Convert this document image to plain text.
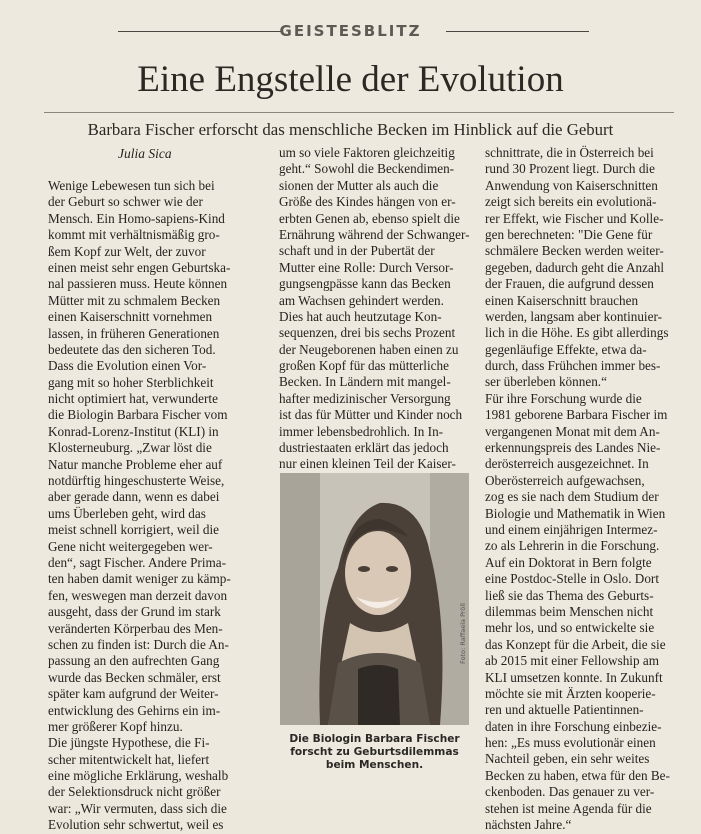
GEISTESBLITZ
Eine Engstelle der Evolution
Barbara Fischer erforscht das menschliche Becken im Hinblick auf die Geburt
Julia Sica
Wenige Lebewesen tun sich bei
der Geburt so schwer wie der
Mensch. Ein Homo-sapiens-Kind
kommt mit verhältnismäßig gro-
ßem Kopf zur Welt, der zuvor
einen meist sehr engen Geburtska-
nal passieren muss. Heute können
Mütter mit zu schmalem Becken
einen Kaiserschnitt vornehmen
lassen, in früheren Generationen
bedeutete das den sicheren Tod.
Dass die Evolution einen Vor-
gang mit so hoher Sterblichkeit
nicht optimiert hat, verwunderte
die Biologin Barbara Fischer vom
Konrad-Lorenz-Institut (KLI) in
Klosterneuburg. „Zwar löst die
Natur manche Probleme eher auf
notdürftig hingeschusterte Weise,
aber gerade dann, wenn es dabei
ums Überleben geht, wird das
meist schnell korrigiert, weil die
Gene nicht weitergegeben wer-
den“, sagt Fischer. Andere Prima-
ten haben damit weniger zu kämp-
fen, weswegen man derzeit davon
ausgeht, dass der Grund im stark
veränderten Körperbau des Men-
schen zu finden ist: Durch die An-
passung an den aufrechten Gang
wurde das Becken schmäler, erst
später kam aufgrund der Weiter-
entwicklung des Gehirns ein im-
mer größerer Kopf hinzu.
Die jüngste Hypothese, die Fi-
scher mitentwickelt hat, liefert
eine mögliche Erklärung, weshalb
der Selektionsdruck nicht größer
war: „Wir vermuten, dass sich die
Evolution sehr schwertut, weil es
um so viele Faktoren gleichzeitig
geht.“ Sowohl die Beckendimen-
sionen der Mutter als auch die
Größe des Kindes hängen von er-
erbten Genen ab, ebenso spielt die
Ernährung während der Schwanger-
schaft und in der Pubertät der
Mutter eine Rolle: Durch Versor-
gungsengpässe kann das Becken
am Wachsen gehindert werden.
Dies hat auch heutzutage Kon-
sequenzen, drei bis sechs Prozent
der Neugeborenen haben einen zu
großen Kopf für das mütterliche
Becken. In Ländern mit mangel-
hafter medizinischer Versorgung
ist das für Mütter und Kinder noch
immer lebensbedrohlich. In In-
dustriestaaten erklärt das jedoch
nur einen kleinen Teil der Kaiser-
schnittrate, die in Österreich bei
rund 30 Prozent liegt. Durch die
Anwendung von Kaiserschnitten
zeigt sich bereits ein evolutionä-
rer Effekt, wie Fischer und Kolle-
gen berechneten: "Die Gene für
schmälere Becken werden weiter-
gegeben, dadurch geht die Anzahl
der Frauen, die aufgrund dessen
einen Kaiserschnitt brauchen
werden, langsam aber kontinuier-
lich in die Höhe. Es gibt allerdings
gegenläufige Effekte, etwa da-
durch, dass Frühchen immer bes-
ser überleben können.“
Für ihre Forschung wurde die
1981 geborene Barbara Fischer im
vergangenen Monat mit dem An-
erkennungspreis des Landes Nie-
derösterreich ausgezeichnet. In
Oberösterreich aufgewachsen,
zog es sie nach dem Studium der
Biologie und Mathematik in Wien
und einem einjährigen Intermez-
zo als Lehrerin in die Forschung.
Auf ein Doktorat in Bern folgte
eine Postdoc-Stelle in Oslo. Dort
ließ sie das Thema des Geburts-
dilemmas beim Menschen nicht
mehr los, und so entwickelte sie
das Konzept für die Arbeit, die sie
ab 2015 mit einer Fellowship am
KLI umsetzen konnte. In Zukunft
möchte sie mit Ärzten kooperie-
ren und aktuelle Patientinnen-
daten in ihre Forschung einbezie-
hen: „Es muss evolutionär einen
Nachteil geben, ein sehr weites
Becken zu haben, etwa für den Be-
ckenboden. Das genauer zu ver-
stehen ist meine Agenda für die
nächsten Jahre.“
Foto: Raffaela Pröll
Die Biologin Barbara Fischer
forscht zu Geburtsdilemmas
beim Menschen.
